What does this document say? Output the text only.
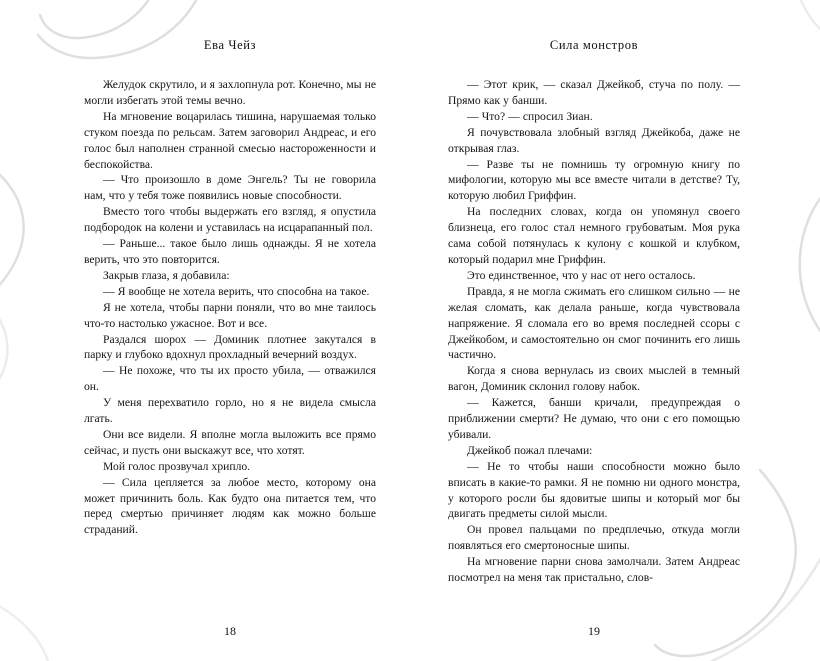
Ева Чейз

Желудок скрутило, и я захлопнула рот. Конечно, мы не могли избегать этой темы вечно.

На мгновение воцарилась тишина, нарушаемая только стуком поезда по рельсам. Затем заговорил Андреас, и его голос был наполнен странной смесью настороженности и беспокойства.

— Что произошло в доме Энгель? Ты не говорила нам, что у тебя тоже появились новые способности.

Вместо того чтобы выдержать его взгляд, я опустила подбородок на колени и уставилась на исцарапанный пол.

— Раньше... такое было лишь однажды. Я не хотела верить, что это повторится.

Закрыв глаза, я добавила:

— Я вообще не хотела верить, что способна на такое.

Я не хотела, чтобы парни поняли, что во мне таилось что-то настолько ужасное. Вот и все.

Раздался шорох — Доминик плотнее закутался в парку и глубоко вдохнул прохладный вечерний воздух.

— Не похоже, что ты их просто убила, — отважился он.

У меня перехватило горло, но я не видела смысла лгать.

Они все видели. Я вполне могла выложить все прямо сейчас, и пусть они выскажут все, что хотят.

Мой голос прозвучал хрипло.

— Сила цепляется за любое место, которому она может причинить боль. Как будто она питается тем, что перед смертью причиняет людям как можно больше страданий.

18
Сила монстров

— Этот крик, — сказал Джейкоб, стуча по полу. — Прямо как у банши.

— Что? — спросил Зиан.

Я почувствовала злобный взгляд Джейкоба, даже не открывая глаз.

— Разве ты не помнишь ту огромную книгу по мифологии, которую мы все вместе читали в детстве? Ту, которую любил Гриффин.

На последних словах, когда он упомянул своего близнеца, его голос стал немного грубоватым. Моя рука сама собой потянулась к кулону с кошкой и клубком, который подарил мне Гриффин.

Это единственное, что у нас от него осталось.

Правда, я не могла сжимать его слишком сильно — не желая сломать, как делала раньше, когда чувствовала напряжение. Я сломала его во время последней ссоры с Джейкобом, и самостоятельно он смог починить его лишь частично.

Когда я снова вернулась из своих мыслей в темный вагон, Доминик склонил голову набок.

— Кажется, банши кричали, предупреждая о приближении смерти? Не думаю, что они с его помощью убивали.

Джейкоб пожал плечами:

— Не то чтобы наши способности можно было вписать в какие-то рамки. Я не помню ни одного монстра, у которого росли бы ядовитые шипы и который мог бы двигать предметы силой мысли.

Он провел пальцами по предплечью, откуда могли появляться его смертоносные шипы.

На мгновение парни снова замолчали. Затем Андреас посмотрел на меня так пристально, слов-

19
